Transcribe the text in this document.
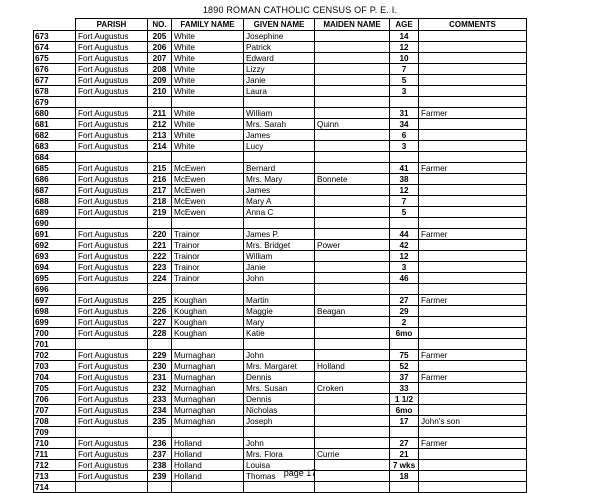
1890 ROMAN CATHOLIC CENSUS OF P. E. I.
	PARISH	NO.	FAMILY NAME	GIVEN NAME	MAIDEN NAME	AGE	COMMENTS
673	Fort Augustus	205	White	Josephine		14	
674	Fort Augustus	206	White	Patrick		12	
675	Fort Augustus	207	White	Edward		10	
676	Fort Augustus	208	White	Lizzy		7	
677	Fort Augustus	209	White	Janie		5	
678	Fort Augustus	210	White	Laura		3	
679							
680	Fort Augustus	211	White	William		31	Farmer
681	Fort Augustus	212	White	Mrs. Sarah	Quinn	34	
682	Fort Augustus	213	White	James		6	
683	Fort Augustus	214	White	Lucy		3	
684							
685	Fort Augustus	215	McEwen	Bernard		41	Farmer
686	Fort Augustus	216	McEwen	Mrs. Mary	Bonnete	38	
687	Fort Augustus	217	McEwen	James		12	
688	Fort Augustus	218	McEwen	Mary A		7	
689	Fort Augustus	219	McEwen	Anna C		5	
690							
691	Fort Augustus	220	Trainor	James P.		44	Farmer
692	Fort Augustus	221	Trainor	Mrs. Bridget	Power	42	
693	Fort Augustus	222	Trainor	William		12	
694	Fort Augustus	223	Trainor	Janie		3	
695	Fort Augustus	224	Trainor	John		46	
696							
697	Fort Augustus	225	Koughan	Martin		27	Farmer
698	Fort Augustus	226	Koughan	Maggie	Beagan	29	
699	Fort Augustus	227	Koughan	Mary		2	
700	Fort Augustus	228	Koughan	Katie		6mo	
701							
702	Fort Augustus	229	Murnaghan	John		75	Farmer
703	Fort Augustus	230	Murnaghan	Mrs. Margaret	Holland	52	
704	Fort Augustus	231	Murnaghan	Dennis		37	Farmer
705	Fort Augustus	232	Murnaghan	Mrs. Susan	Croken	33	
706	Fort Augustus	233	Murnaghan	Dennis		1 1/2	
707	Fort Augustus	234	Murnaghan	Nicholas		6mo	
708	Fort Augustus	235	Murnaghan	Joseph		17	John's son
709							
710	Fort Augustus	236	Holland	John		27	Farmer
711	Fort Augustus	237	Holland	Mrs. Flora	Currie	21	
712	Fort Augustus	238	Holland	Louisa		7 wks	
713	Fort Augustus	239	Holland	Thomas		18	
714							
page 17
